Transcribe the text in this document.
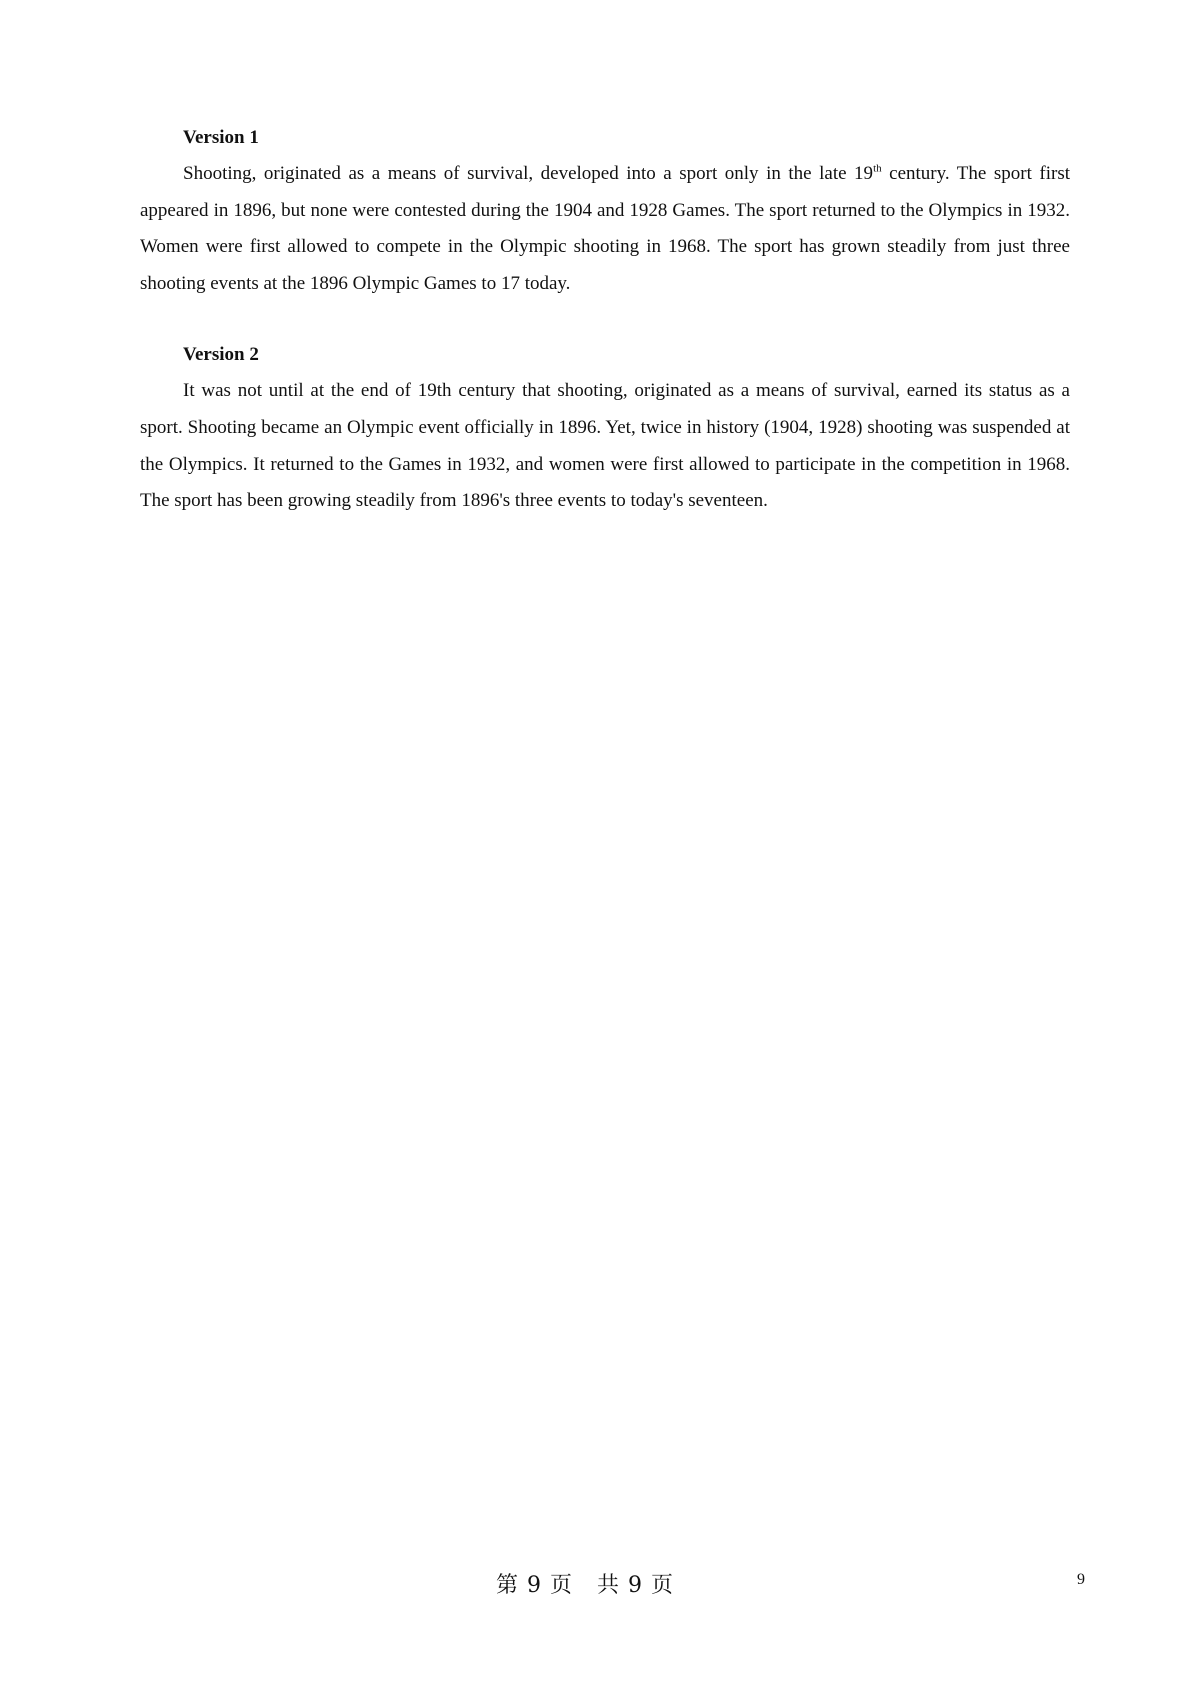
Version 1

Shooting, originated as a means of survival, developed into a sport only in the late 19th century. The sport first appeared in 1896, but none were contested during the 1904 and 1928 Games. The sport returned to the Olympics in 1932. Women were first allowed to compete in the Olympic shooting in 1968. The sport has grown steadily from just three shooting events at the 1896 Olympic Games to 17 today.

Version 2

It was not until at the end of 19th century that shooting, originated as a means of survival, earned its status as a sport. Shooting became an Olympic event officially in 1896. Yet, twice in history (1904, 1928) shooting was suspended at the Olympics. It returned to the Games in 1932, and women were first allowed to participate in the competition in 1968. The sport has been growing steadily from 1896's three events to today's seventeen.

第 9 页 共 9 页	9
